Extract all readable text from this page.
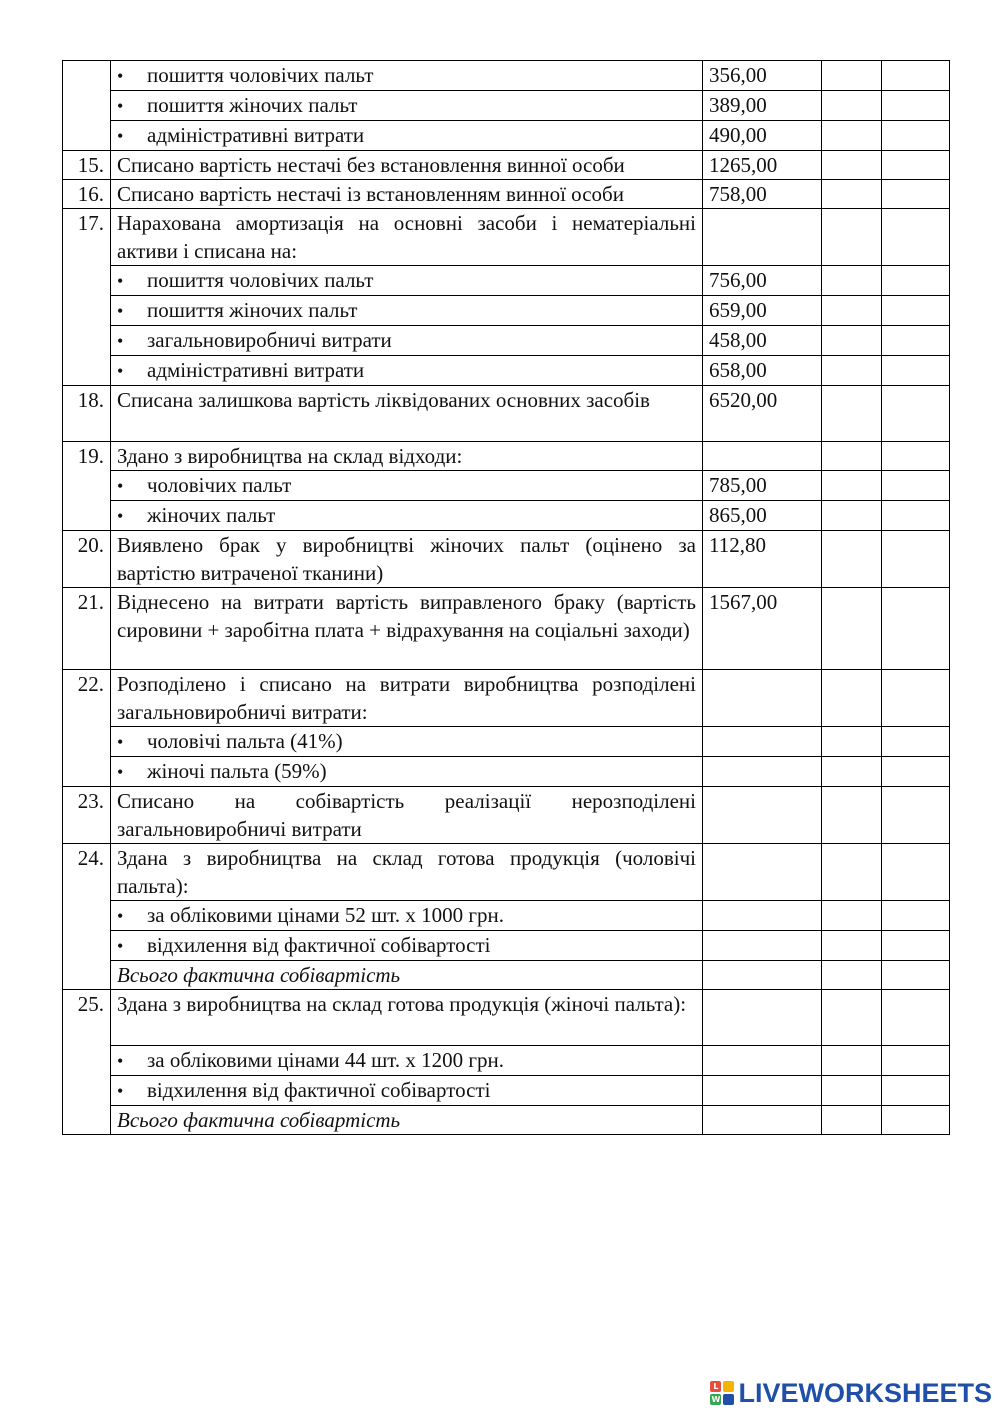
	• пошиття чоловічих пальт	356,00		
	• пошиття жіночих пальт	389,00		
	• адміністративні витрати	490,00		
15.	Списано вартість нестачі без встановлення винної особи	1265,00		
16.	Списано вартість нестачі із встановленням винної особи	758,00		
17.	Нарахована амортизація на основні засоби і нематеріальні активи і списана на:			
	• пошиття чоловічих пальт	756,00		
	• пошиття жіночих пальт	659,00		
	• загальновиробничі витрати	458,00		
	• адміністративні витрати	658,00		
18.	Списана залишкова вартість ліквідованих основних засобів	6520,00		
19.	Здано з виробництва на склад відходи:			
	• чоловічих пальт	785,00		
	• жіночих пальт	865,00		
20.	Виявлено брак у виробництві жіночих пальт (оцінено за вартістю витраченої тканини)	112,80		
21.	Віднесено на витрати вартість виправленого браку (вартість сировини + заробітна плата + відрахування на соціальні заходи)	1567,00		
22.	Розподілено і списано на витрати виробництва розподілені загальновиробничі витрати:			
	• чоловічі пальта (41%)			
	• жіночі пальта (59%)			
23.	Списано на собівартість реалізації нерозподілені загальновиробничі витрати			
24.	Здана з виробництва на склад готова продукція (чоловічі пальта):			
	• за обліковими цінами 52 шт. х 1000 грн.			
	• відхилення від фактичної собівартості			
	Всього фактична собівартість			
25.	Здана з виробництва на склад готова продукція (жіночі пальта):			
	• за обліковими цінами 44 шт. х 1200 грн.			
	• відхилення від фактичної собівартості			
	Всього фактична собівартість			
L
W LIVEWORKSHEETS
